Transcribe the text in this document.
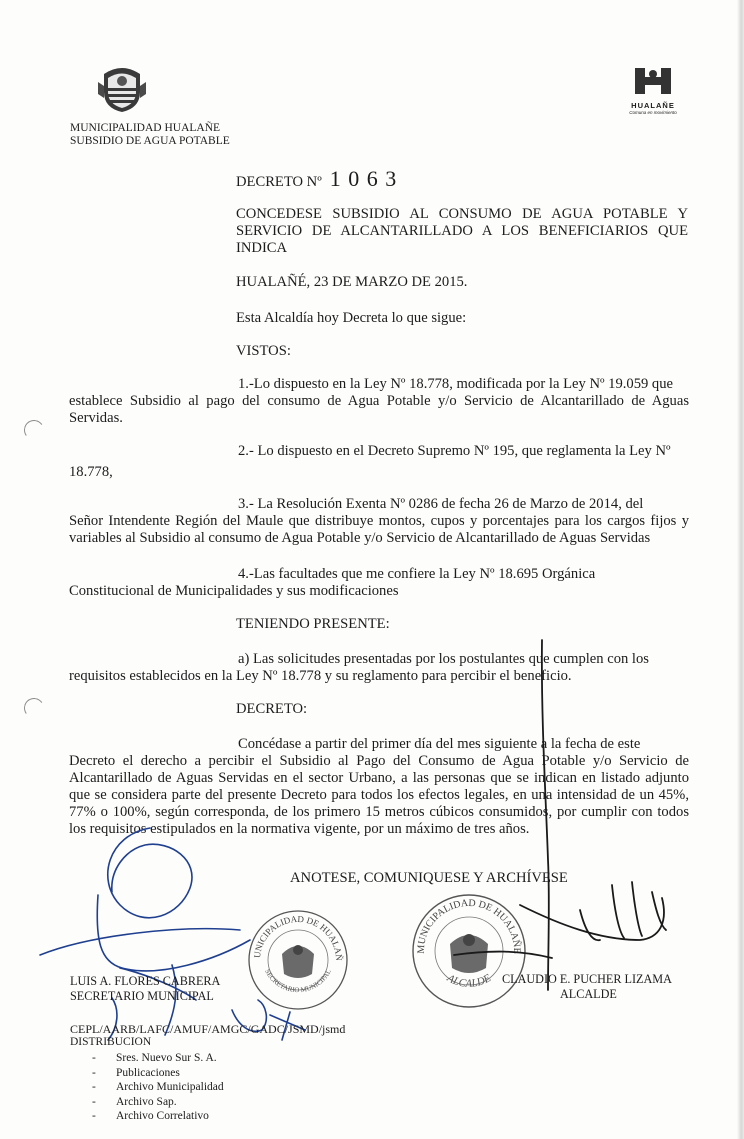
MUNICIPALIDAD HUALAÑE
SUBSIDIO DE AGUA POTABLE
HUALAÑE
Comuna en movimiento
DECRETO Nº 1 0 6 3
CONCEDESE SUBSIDIO AL CONSUMO DE AGUA POTABLE Y SERVICIO DE ALCANTARILLADO A LOS BENEFICIARIOS QUE INDICA
HUALAÑÉ, 23 DE MARZO DE 2015.
Esta Alcaldía hoy Decreta lo que sigue:
VISTOS:
1.-Lo dispuesto en la Ley Nº 18.778, modificada por la Ley Nº 19.059 que
establece Subsidio al pago del consumo de Agua Potable y/o Servicio de Alcantarillado de Aguas Servidas.
2.- Lo dispuesto en el Decreto Supremo Nº 195, que reglamenta la Ley Nº
18.778,
3.- La Resolución Exenta Nº 0286 de fecha 26 de Marzo de 2014, del
Señor Intendente Región del Maule que distribuye montos, cupos y porcentajes para los cargos fijos y variables al Subsidio al consumo de Agua Potable y/o Servicio de Alcantarillado de Aguas Servidas
4.-Las facultades que me confiere la Ley Nº 18.695 Orgánica
Constitucional de Municipalidades y sus modificaciones
TENIENDO PRESENTE:
a) Las solicitudes presentadas por los postulantes que cumplen con los
requisitos establecidos en la Ley Nº 18.778 y su reglamento para percibir el beneficio.
DECRETO:
Concédase a partir del primer día del mes siguiente a la fecha de este
Decreto el derecho a percibir el Subsidio al Pago del Consumo de Agua Potable y/o Servicio de Alcantarillado de Aguas Servidas en el sector Urbano, a las personas que se indican en listado adjunto que se considera parte del presente Decreto para todos los efectos legales, en una intensidad de un 45%, 77% o 100%, según corresponda, de los primero 15 metros cúbicos consumidos, por cumplir con todos los requisitos estipulados en la normativa vigente, por un máximo de tres años.
ANOTESE, COMUNIQUESE Y ARCHÍVESE
UNICIPALIDAD DE HUALAÑ
SECRETARIO MUNICIPAL
MUNICIPALIDAD DE HUALAÑE
ALCALDE
LUIS A. FLORES CABRERA
SECRETARIO MUNICIPAL
CLAUDIO E. PUCHER LIZAMA
ALCALDE
CEPL/AARB/LAFC/AMUF/AMGC/GADC/JSMD/jsmd
DISTRIBUCION
- Sres. Nuevo Sur S. A.
- Publicaciones
- Archivo Municipalidad
- Archivo Sap.
- Archivo Correlativo
